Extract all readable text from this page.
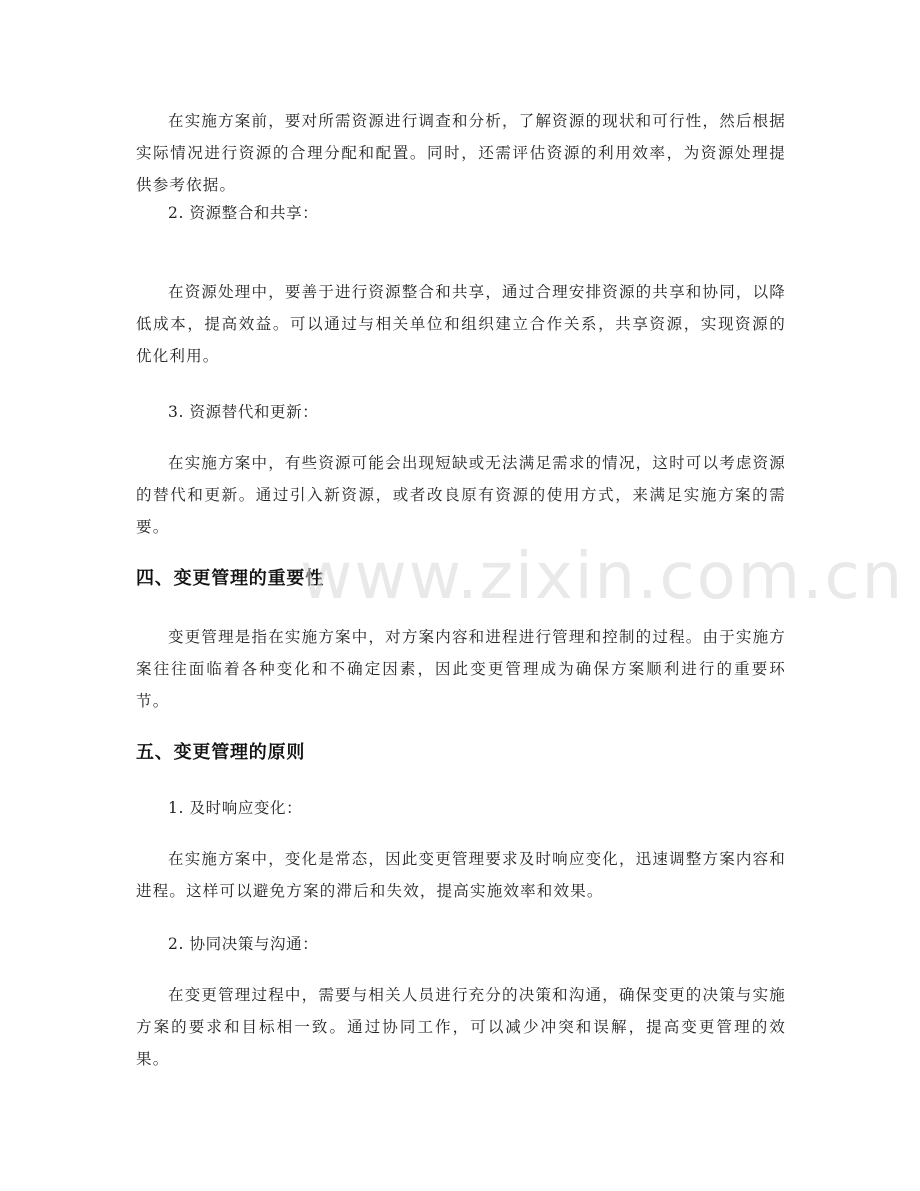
在实施方案前，要对所需资源进行调查和分析，了解资源的现状和可行性，然后根据实际情况进行资源的合理分配和配置。同时，还需评估资源的利用效率，为资源处理提供参考依据。

2. 资源整合和共享：

在资源处理中，要善于进行资源整合和共享，通过合理安排资源的共享和协同，以降低成本，提高效益。可以通过与相关单位和组织建立合作关系，共享资源，实现资源的优化利用。

3. 资源替代和更新：

在实施方案中，有些资源可能会出现短缺或无法满足需求的情况，这时可以考虑资源的替代和更新。通过引入新资源，或者改良原有资源的使用方式，来满足实施方案的需要。

四、变更管理的重要性

变更管理是指在实施方案中，对方案内容和进程进行管理和控制的过程。由于实施方案往往面临着各种变化和不确定因素，因此变更管理成为确保方案顺利进行的重要环节。

五、变更管理的原则

1. 及时响应变化：

在实施方案中，变化是常态，因此变更管理要求及时响应变化，迅速调整方案内容和进程。这样可以避免方案的滞后和失效，提高实施效率和效果。

2. 协同决策与沟通：

在变更管理过程中，需要与相关人员进行充分的决策和沟通，确保变更的决策与实施方案的要求和目标相一致。通过协同工作，可以减少冲突和误解，提高变更管理的效果。

www.zixin.com.cn
